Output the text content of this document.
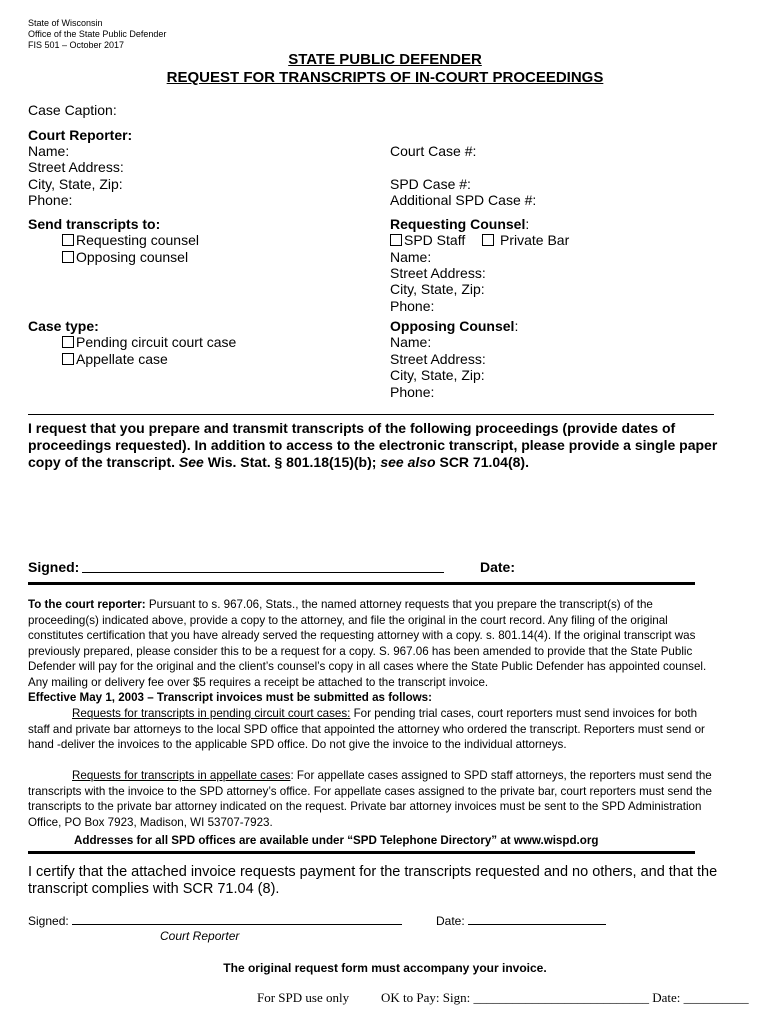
State of Wisconsin
Office of the State Public Defender
FIS 501 – October 2017
STATE PUBLIC DEFENDER
REQUEST FOR TRANSCRIPTS OF IN-COURT PROCEEDINGS
Case Caption:
Court Reporter:
Name:
Street Address:
City, State, Zip:
Phone:
Court Case #:
SPD Case #:
Additional SPD Case #:
Send transcripts to:
Requesting counsel
Opposing counsel
Requesting Counsel:
SPD Staff	Private Bar
Name:
Street Address:
City, State, Zip:
Phone:
Case type:
Pending circuit court case
Appellate case
Opposing Counsel:
Name:
Street Address:
City, State, Zip:
Phone:
I request that you prepare and transmit transcripts of the following proceedings (provide dates of
proceedings requested). In addition to access to the electronic transcript, please provide a single paper
copy of the transcript. See Wis. Stat. § 801.18(15)(b); see also SCR 71.04(8).
Signed:	Date:
To the court reporter: Pursuant to s. 967.06, Stats., the named attorney requests that you prepare the transcript(s) of the proceeding(s) indicated above, provide a copy to the attorney, and file the original in the court record. Any filing of the original constitutes certification that you have already served the requesting attorney with a copy. s. 801.14(4). If the original transcript was previously prepared, please consider this to be a request for a copy. S. 967.06 has been amended to provide that the State Public Defender will pay for the original and the client’s counsel’s copy in all cases where the State Public Defender has appointed counsel. Any mailing or delivery fee over $5 requires a receipt be attached to the transcript invoice.
Effective May 1, 2003 – Transcript invoices must be submitted as follows:
Requests for transcripts in pending circuit court cases: For pending trial cases, court reporters must send invoices for both staff and private bar attorneys to the local SPD office that appointed the attorney who ordered the transcript. Reporters must send or hand -deliver the invoices to the applicable SPD office. Do not give the invoice to the individual attorneys.
Requests for transcripts in appellate cases: For appellate cases assigned to SPD staff attorneys, the reporters must send the transcripts with the invoice to the SPD attorney’s office. For appellate cases assigned to the private bar, court reporters must send the transcripts to the private bar attorney indicated on the request. Private bar attorney invoices must be sent to the SPD Administration Office, PO Box 7923, Madison, WI 53707-7923.
Addresses for all SPD offices are available under “SPD Telephone Directory” at www.wispd.org
I certify that the attached invoice requests payment for the transcripts requested and no others, and that the transcript complies with SCR 71.04 (8).
Signed:	Date:
Court Reporter
The original request form must accompany your invoice.
For SPD use only OK to Pay: Sign: ___________________________ Date: __________
